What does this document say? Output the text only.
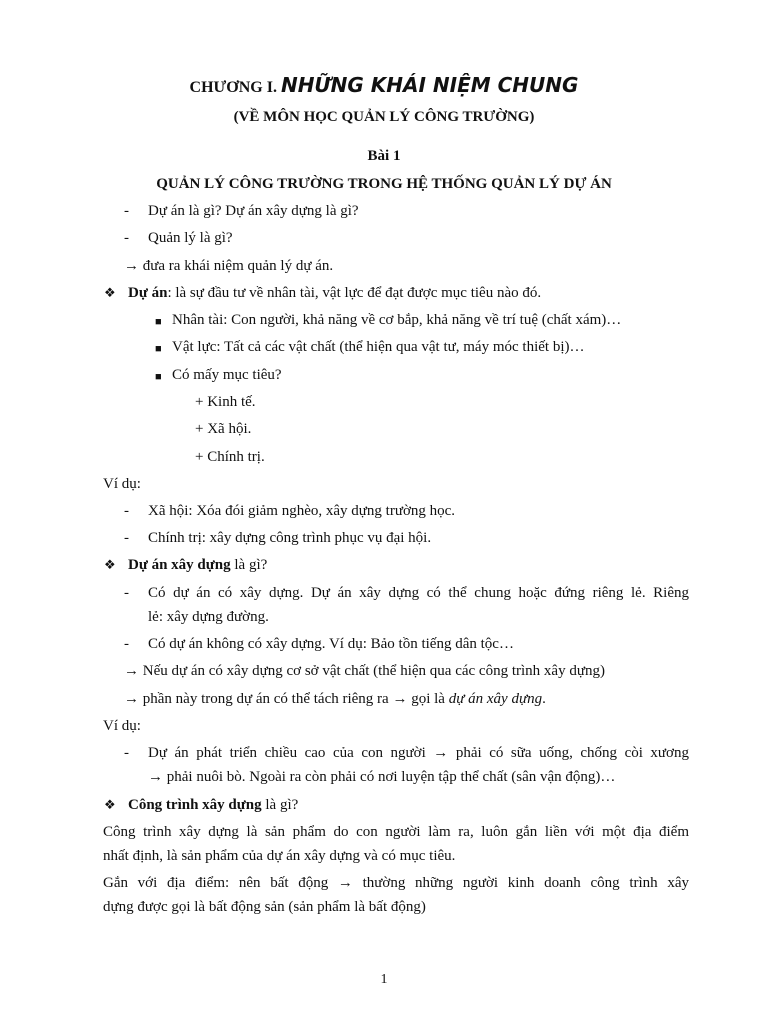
CHƯƠNG I. NHỮNG KHÁI NIỆM CHUNG
(VỀ MÔN HỌC QUẢN LÝ CÔNG TRƯỜNG)
Bài 1
QUẢN LÝ CÔNG TRƯỜNG TRONG HỆ THỐNG QUẢN LÝ DỰ ÁN
- Dự án là gì? Dự án xây dựng là gì?
- Quản lý là gì?
→ đưa ra khái niệm quản lý dự án.
❖ Dự án: là sự đầu tư về nhân tài, vật lực để đạt được mục tiêu nào đó.
■ Nhân tài: Con người, khả năng về cơ bắp, khả năng về trí tuệ (chất xám)…
■ Vật lực: Tất cả các vật chất (thể hiện qua vật tư, máy móc thiết bị)…
■ Có mấy mục tiêu?
+ Kinh tế.
+ Xã hội.
+ Chính trị.
Ví dụ:
- Xã hội: Xóa đói giảm nghèo, xây dựng trường học.
- Chính trị: xây dựng công trình phục vụ đại hội.
❖ Dự án xây dựng là gì?
- Có dự án có xây dựng. Dự án xây dựng có thể chung hoặc đứng riêng lẻ. Riêng
lẻ: xây dựng đường.
- Có dự án không có xây dựng. Ví dụ: Bảo tồn tiếng dân tộc…
→ Nếu dự án có xây dựng cơ sở vật chất (thể hiện qua các công trình xây dựng)
→ phần này trong dự án có thể tách riêng ra → gọi là dự án xây dựng.
Ví dụ:
- Dự án phát triển chiều cao của con người → phải có sữa uống, chống còi xương
→ phải nuôi bò. Ngoài ra còn phải có nơi luyện tập thể chất (sân vận động)…
❖ Công trình xây dựng là gì?
Công trình xây dựng là sản phẩm do con người làm ra, luôn gắn liền với một địa điểm
nhất định, là sản phẩm của dự án xây dựng và có mục tiêu.
Gắn với địa điểm: nên bất động → thường những người kinh doanh công trình xây
dựng được gọi là bất động sản (sản phẩm là bất động)
1
